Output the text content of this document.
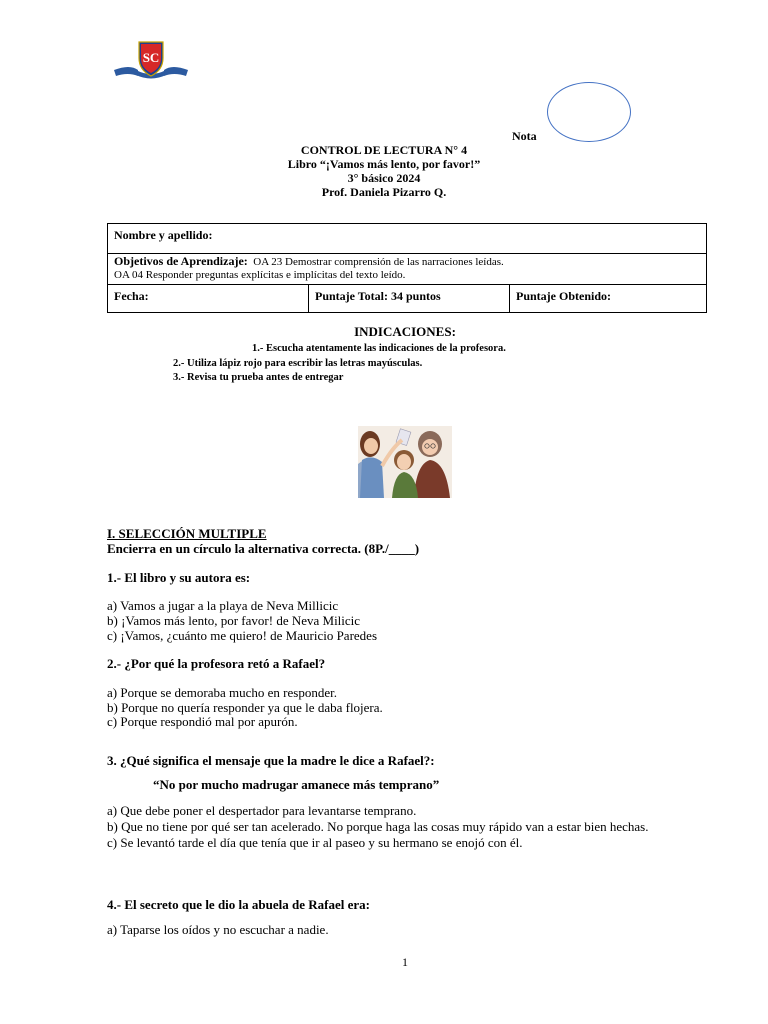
SC
Nota
CONTROL DE LECTURA N° 4
Libro “¡Vamos más lento, por favor!”
3° básico 2024
Prof. Daniela Pizarro Q.
Nombre y apellido:

Objetivos de Aprendizaje: OA 23 Demostrar comprensión de las narraciones leídas.
OA 04 Responder preguntas explícitas e implícitas del texto leído.

Fecha:	Puntaje Total: 34 puntos	Puntaje Obtenido:
INDICACIONES:
1.- Escucha atentamente las indicaciones de la profesora.
2.- Utiliza lápiz rojo para escribir las letras mayúsculas.
3.- Revisa tu prueba antes de entregar
I. SELECCIÓN MULTIPLE
Encierra en un círculo la alternativa correcta. (8P./____)
1.- El libro y su autora es:
a) Vamos a jugar a la playa de Neva Millicic
b) ¡Vamos más lento, por favor! de Neva Milicic
c) ¡Vamos, ¿cuánto me quiero! de Mauricio Paredes
2.- ¿Por qué la profesora retó a Rafael?
a) Porque se demoraba mucho en responder.
b) Porque no quería responder ya que le daba flojera.
c) Porque respondió mal por apurón.
3. ¿Qué significa el mensaje que la madre le dice a Rafael?:
“No por mucho madrugar amanece más temprano”
a) Que debe poner el despertador para levantarse temprano.
b) Que no tiene por qué ser tan acelerado. No porque haga las cosas muy rápido van a estar bien hechas.
c) Se levantó tarde el día que tenía que ir al paseo y su hermano se enojó con él.
4.- El secreto que le dio la abuela de Rafael era:
a) Taparse los oídos y no escuchar a nadie.
1
